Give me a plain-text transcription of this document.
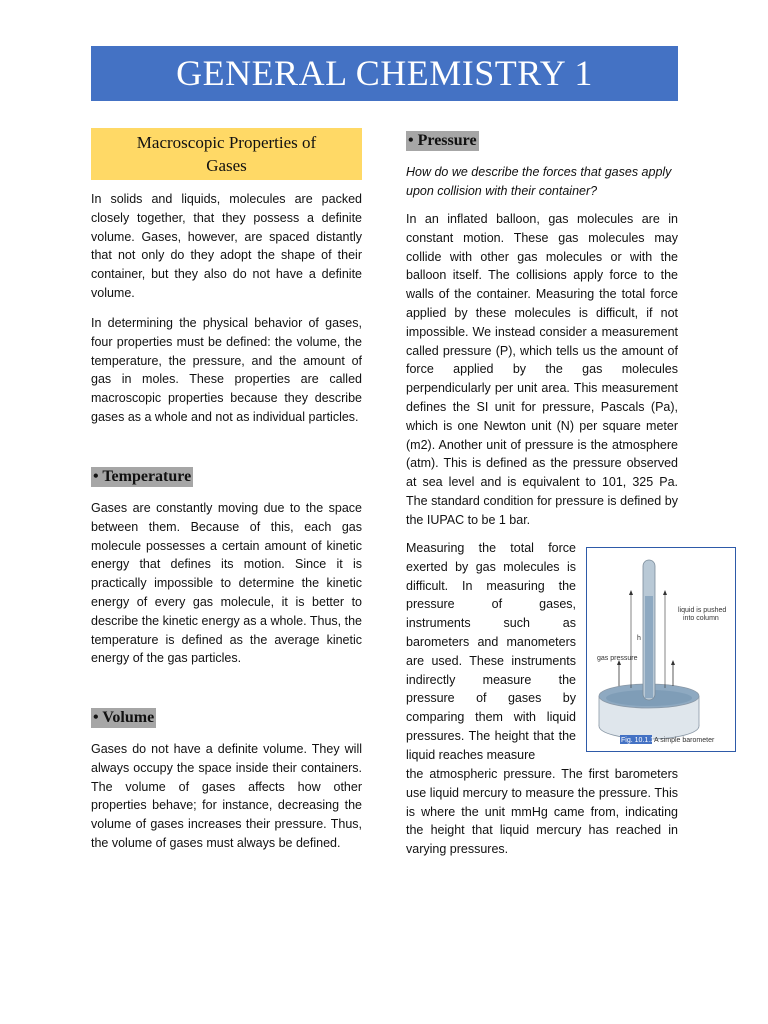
GENERAL CHEMISTRY 1
Macroscopic Properties of
Gases

In solids and liquids, molecules are packed closely together, that they possess a definite volume. Gases, however, are spaced distantly that not only do they adopt the shape of their container, but they also do not have a definite volume.

In determining the physical behavior of gases, four properties must be defined: the volume, the temperature, the pressure, and the amount of gas in moles. These properties are called macroscopic properties because they describe gases as a whole and not as individual particles.

• Temperature

Gases are constantly moving due to the space between them. Because of this, each gas molecule possesses a certain amount of kinetic energy that defines its motion. Since it is practically impossible to determine the kinetic energy of every gas molecule, it is better to describe the kinetic energy as a whole. Thus, the temperature is defined as the average kinetic energy of the gas particles.

• Volume

Gases do not have a definite volume. They will always occupy the space inside their containers. The volume of gases affects how other properties behave; for instance, decreasing the volume of gases increases their pressure. Thus, the volume of gases must always be defined.

• Pressure

How do we describe the forces that gases apply upon collision with their container?

In an inflated balloon, gas molecules are in constant motion. These gas molecules may collide with other gas molecules or with the balloon itself. The collisions apply force to the walls of the container. Measuring the total force applied by these molecules is difficult, if not impossible. We instead consider a measurement called pressure (P), which tells us the amount of force applied by the gas molecules perpendicularly per unit area. This measurement defines the SI unit for pressure, Pascals (Pa), which is one Newton unit (N) per square meter (m2). Another unit of pressure is the atmosphere (atm). This is defined as the pressure observed at sea level and is equivalent to 101, 325 Pa. The standard condition for pressure is defined by the IUPAC to be 1 bar.

Measuring the total force exerted by gas molecules is difficult. In measuring the pressure of gases, instruments such as barometers and manometers are used. These instruments indirectly measure the pressure of gases by comparing them with liquid pressures. The height that the liquid reaches measure

the atmospheric pressure. The first barometers use liquid mercury to measure the pressure. This is where the unit mmHg came from, indicating the height that liquid mercury has reached in varying pressures.

liquid is pushed
into column
gas pressure
h
Fig. 10.1.1 A simple barometer
